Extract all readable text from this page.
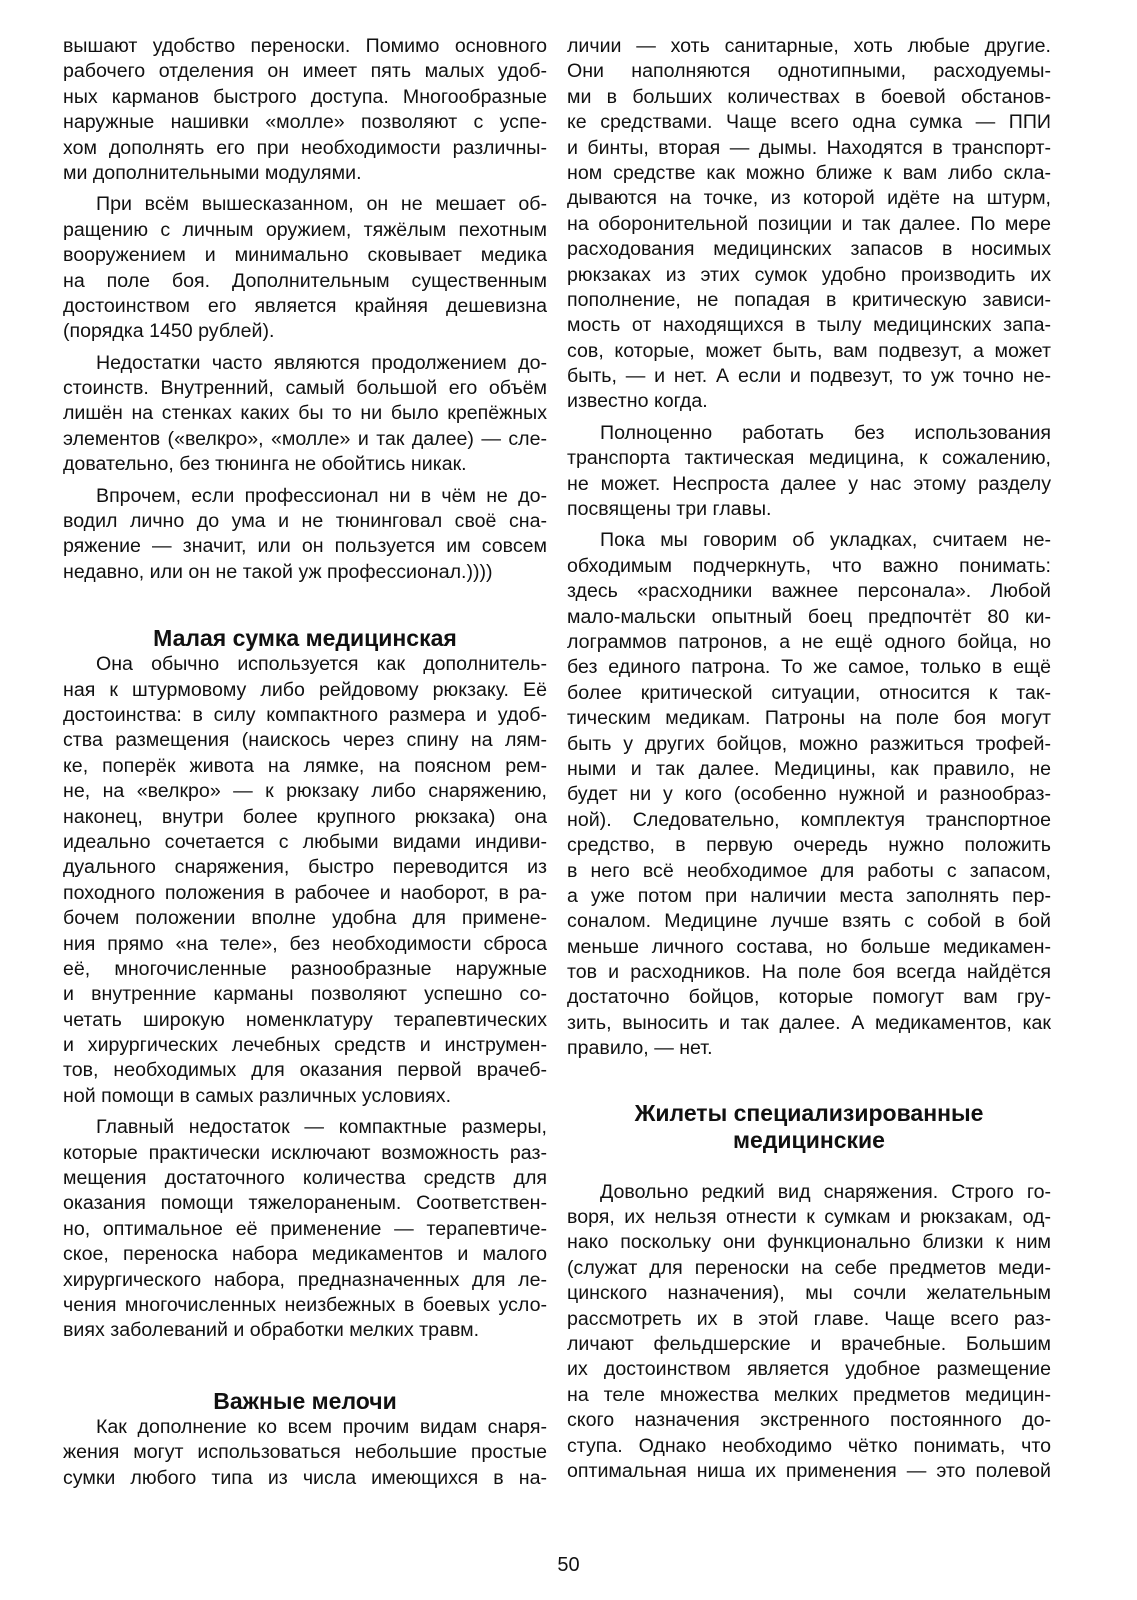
вышают удобство переноски. Помимо основного
рабочего отделения он имеет пять малых удоб-
ных карманов быстрого доступа. Многообразные
наружные нашивки «молле» позволяют с успе-
хом дополнять его при необходимости различны-
ми дополнительными модулями.
При всём вышесказанном, он не мешает об-
ращению с личным оружием, тяжёлым пехотным
вооружением и минимально сковывает медика
на поле боя. Дополнительным существенным
достоинством его является крайняя дешевизна
(порядка 1450 рублей).
Недостатки часто являются продолжением до-
стоинств. Внутренний, самый большой его объём
лишён на стенках каких бы то ни было крепёжных
элементов («велкро», «молле» и так далее) — сле-
довательно, без тюнинга не обойтись никак.
Впрочем, если профессионал ни в чём не до-
водил лично до ума и не тюнинговал своё сна-
ряжение — значит, или он пользуется им совсем
недавно, или он не такой уж профессионал.))))
Малая сумка медицинская
Она обычно используется как дополнитель-
ная к штурмовому либо рейдовому рюкзаку. Её
достоинства: в силу компактного размера и удоб-
ства размещения (наискось через спину на лям-
ке, поперёк живота на лямке, на поясном рем-
не, на «велкро» — к рюкзаку либо снаряжению,
наконец, внутри более крупного рюкзака) она
идеально сочетается с любыми видами индиви-
дуального снаряжения, быстро переводится из
походного положения в рабочее и наоборот, в ра-
бочем положении вполне удобна для применe-
ния прямо «на теле», без необходимости сброса
её, многочисленные разнообразные наружные
и внутренние карманы позволяют успешно со-
четать широкую номенклатуру терапевтических
и хирургических лечебных средств и инструмен-
тов, необходимых для оказания первой врачеб-
ной помощи в самых различных условиях.
Главный недостаток — компактные размеры,
которые практически исключают возможность раз-
мещения достаточного количества средств для
оказания помощи тяжелораненым. Соответствен-
но, оптимальное её применение — терапевтиче-
ское, переноска набора медикаментов и малого
хирургического набора, предназначенных для ле-
чения многочисленных неизбежных в боевых усло-
виях заболеваний и обработки мелких травм.
Важные мелочи
Как дополнение ко всем прочим видам снаря-
жения могут использоваться небольшие простые
сумки любого типа из числа имеющихся в на-
личии — хоть санитарные, хоть любые другие.
Они наполняются однотипными, расходуемы-
ми в больших количествах в боевой обстанов-
ке средствами. Чаще всего одна сумка — ППИ
и бинты, вторая — дымы. Находятся в транспорт-
ном средстве как можно ближе к вам либо скла-
дываются на точке, из которой идёте на штурм,
на оборонительной позиции и так далее. По мере
расходования медицинских запасов в носимых
рюкзаках из этих сумок удобно производить их
пополнение, не попадая в критическую зависи-
мость от находящихся в тылу медицинских запа-
сов, которые, может быть, вам подвезут, а может
быть, — и нет. А если и подвезут, то уж точно не-
известно когда.
Полноценно работать без использования
транспорта тактическая медицина, к сожалению,
не может. Неспроста далее у нас этому разделу
посвящены три главы.
Пока мы говорим об укладках, считаем не-
обходимым подчеркнуть, что важно понимать:
здесь «расходники важнее персонала». Любой
мало-мальски опытный боец предпочтёт 80 ки-
лограммов патронов, а не ещё одного бойца, но
без единого патрона. То же самое, только в ещё
более критической ситуации, относится к так-
тическим медикам. Патроны на поле боя могут
быть у других бойцов, можно разжиться трофей-
ными и так далее. Медицины, как правило, не
будет ни у кого (особенно нужной и разнообраз-
ной). Следовательно, комплектуя транспортное
средство, в первую очередь нужно положить
в него всё необходимое для работы с запасом,
а уже потом при наличии места заполнять пер-
соналом. Медицине лучше взять с собой в бой
меньше личного состава, но больше медикамен-
тов и расходников. На поле боя всегда найдётся
достаточно бойцов, которые помогут вам гру-
зить, выносить и так далее. А медикаментов, как
правило, — нет.
Жилеты специализированные
медицинские
Довольно редкий вид снаряжения. Строго го-
воря, их нельзя отнести к сумкам и рюкзакам, од-
нако поскольку они функционально близки к ним
(служат для переноски на себе предметов меди-
цинского назначения), мы сочли желательным
рассмотреть их в этой главе. Чаще всего раз-
личают фельдшерские и врачебные. Большим
их достоинством является удобное размещение
на теле множества мелких предметов медицин-
ского назначения экстренного постоянного до-
ступа. Однако необходимо чётко понимать, что
оптимальная ниша их применения — это полевой
50
